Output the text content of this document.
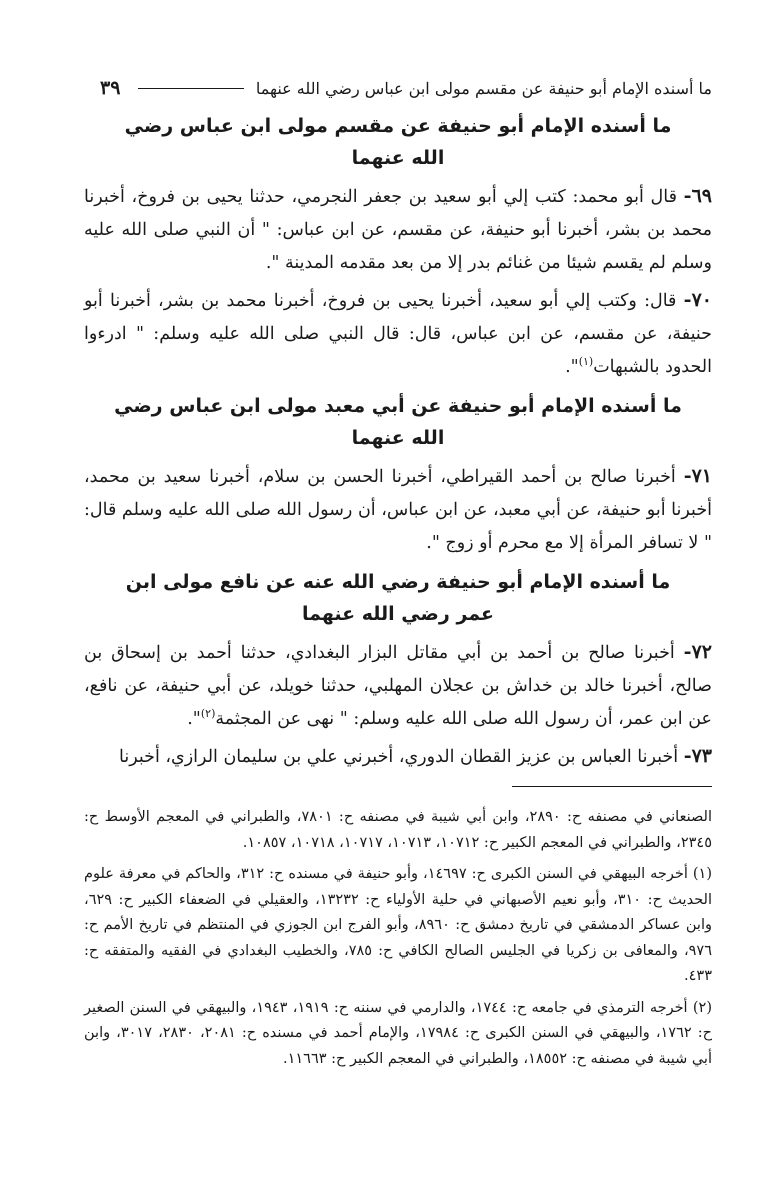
ما أسنده الإمام أبو حنيفة عن مقسم مولى ابن عباس رضي الله عنهما
٣٩
ما أسنده الإمام أبو حنيفة عن مقسم مولى ابن عباس رضي الله عنهما

٦٩- قال أبو محمد: كتب إلي أبو سعيد بن جعفر النجرمي، حدثنا يحيى بن فروخ، أخبرنا محمد بن بشر، أخبرنا أبو حنيفة، عن مقسم، عن ابن عباس: " أن النبي صلى الله عليه وسلم لم يقسم شيئا من غنائم بدر إلا من بعد مقدمه المدينة ".

٧٠- قال: وكتب إلي أبو سعيد، أخبرنا يحيى بن فروخ، أخبرنا محمد بن بشر، أخبرنا أبو حنيفة، عن مقسم، عن ابن عباس، قال: قال النبي صلى الله عليه وسلم: " ادرءوا الحدود بالشبهات$^{(١)}$".

ما أسنده الإمام أبو حنيفة عن أبي معبد مولى ابن عباس رضي الله عنهما

٧١- أخبرنا صالح بن أحمد القيراطي، أخبرنا الحسن بن سلام، أخبرنا سعيد بن محمد، أخبرنا أبو حنيفة، عن أبي معبد، عن ابن عباس، أن رسول الله صلى الله عليه وسلم قال: " لا تسافر المرأة إلا مع محرم أو زوج ".

ما أسنده الإمام أبو حنيفة رضي الله عنه عن نافع مولى ابن عمر رضي الله عنهما

٧٢- أخبرنا صالح بن أحمد بن أبي مقاتل البزار البغدادي، حدثنا أحمد بن إسحاق بن صالح، أخبرنا خالد بن خداش بن عجلان المهلبي، حدثنا خويلد، عن أبي حنيفة، عن نافع، عن ابن عمر، أن رسول الله صلى الله عليه وسلم: " نهى عن المجثمة$^{(٢)}$".

٧٣- أخبرنا العباس بن عزيز القطان الدوري، أخبرني علي بن سليمان الرازي، أخبرنا

الصنعاني في مصنفه ح: ٢٨٩٠، وابن أبي شيبة في مصنفه ح: ٧٨٠١، والطبراني في المعجم الأوسط ح: ٢٣٤٥، والطبراني في المعجم الكبير ح: ١٠٧١٢، ١٠٧١٣، ١٠٧١٧، ١٠٧١٨، ١٠٨٥٧.

(١) أخرجه البيهقي في السنن الكبرى ح: ١٤٦٩٧، وأبو حنيفة في مسنده ح: ٣١٢، والحاكم في معرفة علوم الحديث ح: ٣١٠، وأبو نعيم الأصبهاني في حلية الأولياء ح: ١٣٢٣٢، والعقيلي في الضعفاء الكبير ح: ٦٢٩، وابن عساكر الدمشقي في تاريخ دمشق ح: ٨٩٦٠، وأبو الفرج ابن الجوزي في المنتظم في تاريخ الأمم ح: ٩٧٦، والمعافى بن زكريا في الجليس الصالح الكافي ح: ٧٨٥، والخطيب البغدادي في الفقيه والمتفقه ح: ٤٣٣.

(٢) أخرجه الترمذي في جامعه ح: ١٧٤٤، والدارمي في سننه ح: ١٩١٩، ١٩٤٣، والبيهقي في السنن الصغير ح: ١٧٦٢، والبيهقي في السنن الكبرى ح: ١٧٩٨٤، والإمام أحمد في مسنده ح: ٢٠٨١، ٢٨٣٠، ٣٠١٧، وابن أبي شيبة في مصنفه ح: ١٨٥٥٢، والطبراني في المعجم الكبير ح: ١١٦٦٣.
